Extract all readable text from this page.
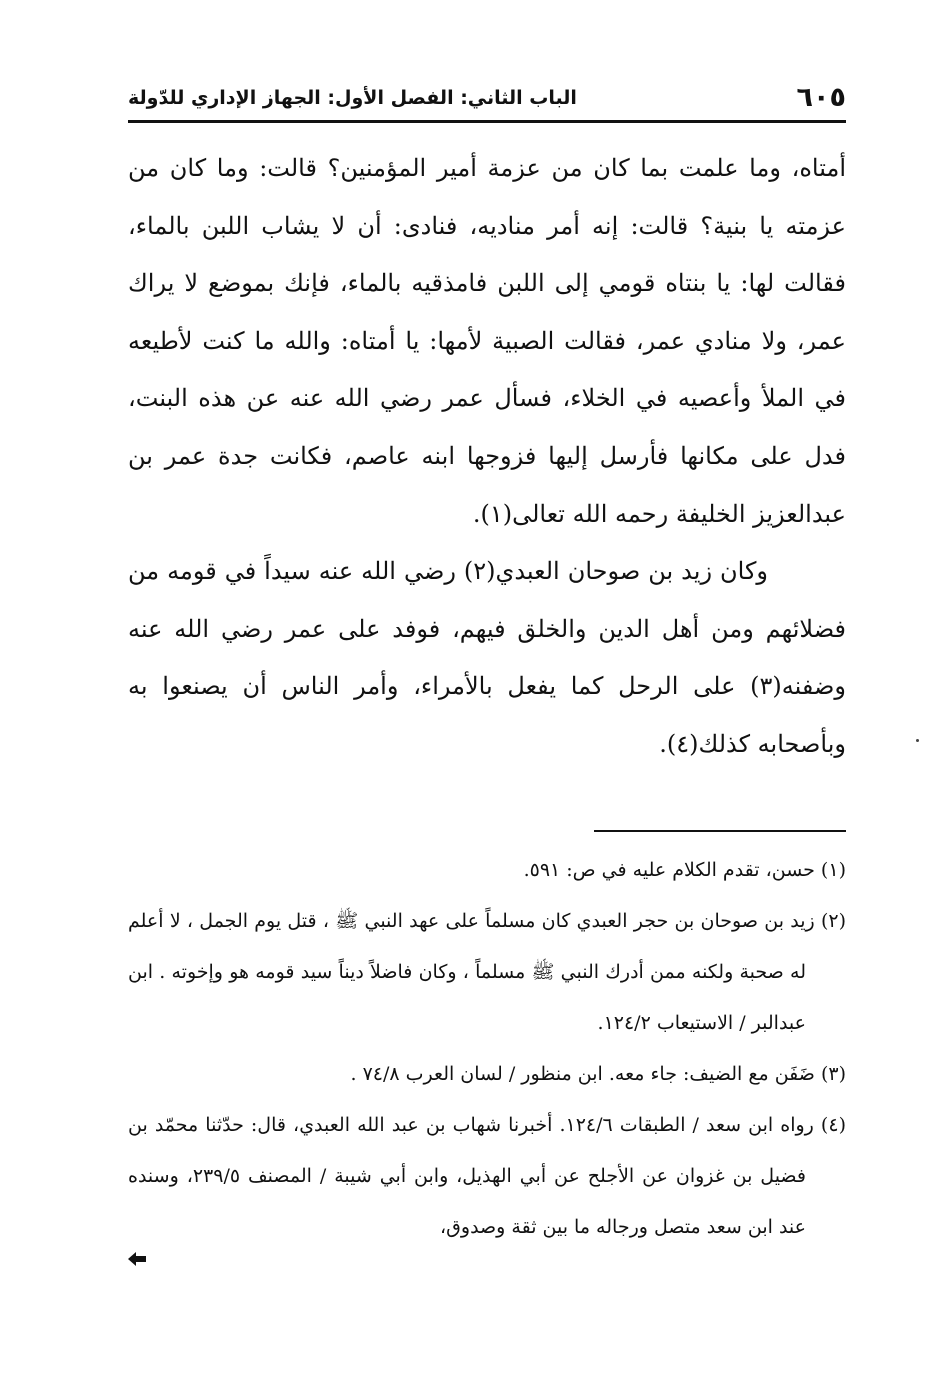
٦٠٥
الباب الثاني: الفصل الأول: الجهاز الإداري للدّولة

أمتاه، وما علمت بما كان من عزمة أمير المؤمنين؟ قالت: وما كان من عزمته يا بنية؟ قالت: إنه أمر مناديه، فنادى: أن لا يشاب اللبن بالماء، فقالت لها: يا بنتاه قومي إلى اللبن فامذقيه بالماء، فإنك بموضع لا يراك عمر، ولا منادي عمر، فقالت الصبية لأمها: يا أمتاه: والله ما كنت لأطيعه في الملأ وأعصيه في الخلاء، فسأل عمر رضي الله عنه عن هذه البنت، فدل على مكانها فأرسل إليها فزوجها ابنه عاصم، فكانت جدة عمر بن عبدالعزيز الخليفة رحمه الله تعالى(١).

وكان زيد بن صوحان العبدي(٢) رضي الله عنه سيداً في قومه من فضلائهم ومن أهل الدين والخلق فيهم، فوفد على عمر رضي الله عنه وضفنه(٣) على الرحل كما يفعل بالأمراء، وأمر الناس أن يصنعوا به وبأصحابه كذلك(٤).

(١) حسن، تقدم الكلام عليه في ص: ٥٩١.

(٢) زيد بن صوحان بن حجر العبدي كان مسلماً على عهد النبي ﷺ ، قتل يوم الجمل ، لا أعلم له صحبة ولكنه ممن أدرك النبي ﷺ مسلماً ، وكان فاضلاً ديناً سيد قومه هو وإخوته . ابن عبدالبر / الاستيعاب ١٢٤/٢.

(٣) ضَفَن مع الضيف: جاء معه. ابن منظور / لسان العرب ٧٤/٨ .

(٤) رواه ابن سعد / الطبقات ١٢٤/٦. أخبرنا شهاب بن عبد الله العبدي، قال: حدّثنا محمّد بن فضيل بن غزوان عن الأجلح عن أبي الهذيل، وابن أبي شيبة / المصنف ٢٣٩/٥، وسنده عند ابن سعد متصل ورجاله ما بين ثقة وصدوق،
